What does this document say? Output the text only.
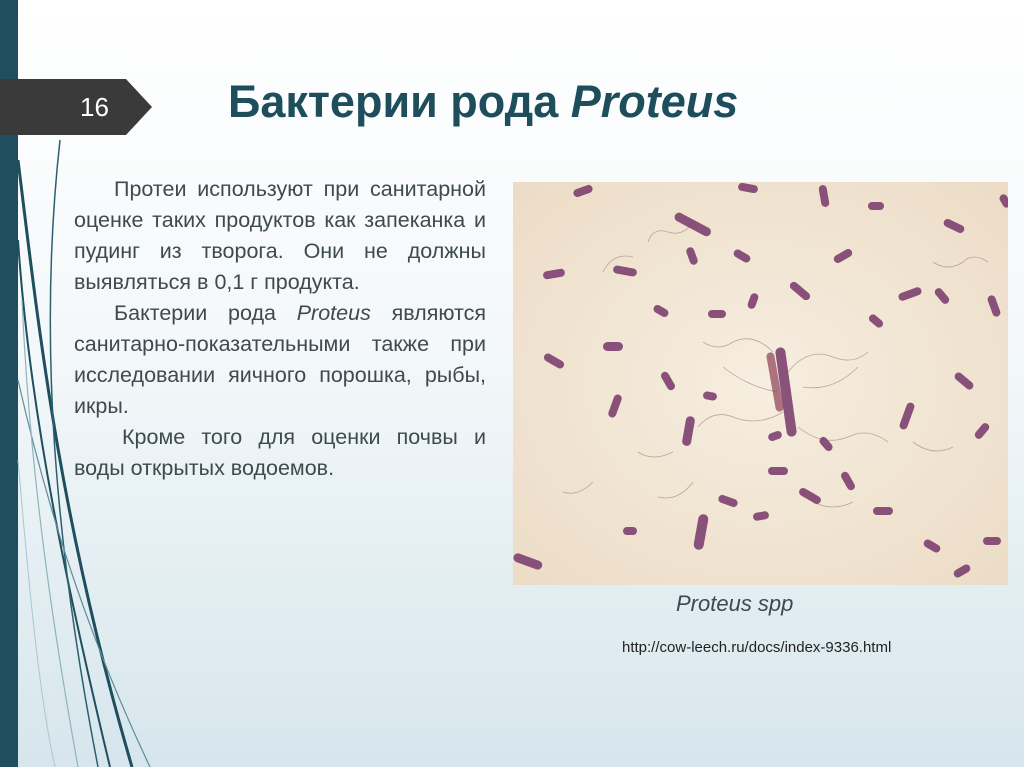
16	Бактерии рода Proteus

Протеи используют при санитарной оценке таких продуктов как запеканка и пудинг из творога. Они не должны выявляться в 0,1 г продукта.

Бактерии рода Proteus являются санитарно-показательными также при исследовании яичного порошка, рыбы, икры.

Кроме того для оценки почвы и воды открытых водоемов.

Proteus spp
http://cow-leech.ru/docs/index-9336.html
